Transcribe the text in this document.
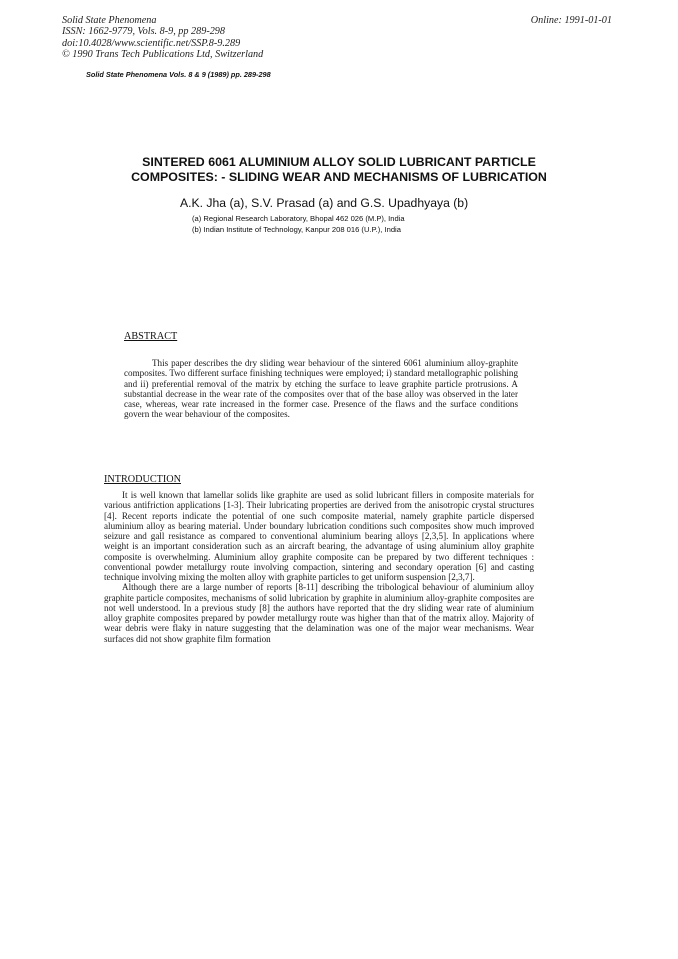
Solid State Phenomena
ISSN: 1662-9779, Vols. 8-9, pp 289-298
doi:10.4028/www.scientific.net/SSP.8-9.289
© 1990 Trans Tech Publications Ltd, Switzerland
Online: 1991-01-01
Solid State Phenomena Vols. 8 & 9 (1989) pp. 289-298
SINTERED 6061 ALUMINIUM ALLOY SOLID LUBRICANT PARTICLE
COMPOSITES: - SLIDING WEAR AND MECHANISMS OF LUBRICATION
A.K. Jha (a), S.V. Prasad (a) and G.S. Upadhyaya (b)
(a) Regional Research Laboratory, Bhopal 462 026 (M.P), India
(b) Indian Institute of Technology, Kanpur 208 016 (U.P.), India
ABSTRACT
This paper describes the dry sliding wear behaviour of the sintered 6061 aluminium alloy-graphite composites. Two different surface finishing techniques were employed; i) standard metallographic polishing and ii) preferential removal of the matrix by etching the surface to leave graphite particle protrusions. A substantial decrease in the wear rate of the composites over that of the base alloy was observed in the later case, whereas, wear rate increased in the former case. Presence of the flaws and the surface conditions govern the wear behaviour of the composites.
INTRODUCTION

It is well known that lamellar solids like graphite are used as solid lubricant fillers in composite materials for various antifriction applications [1-3]. Their lubricating properties are derived from the anisotropic crystal structures [4]. Recent reports indicate the potential of one such composite material, namely graphite particle dispersed aluminium alloy as bearing material. Under boundary lubrication conditions such composites show much improved seizure and gall resistance as compared to conventional aluminium bearing alloys [2,3,5]. In applications where weight is an important consideration such as an aircraft bearing, the advantage of using aluminium alloy graphite composite is overwhelming. Aluminium alloy graphite composite can be prepared by two different techniques : conventional powder metallurgy route involving compaction, sintering and secondary operation [6] and casting technique involving mixing the molten alloy with graphite particles to get uniform suspension [2,3,7].

Although there are a large number of reports [8-11] describing the tribological behaviour of aluminium alloy graphite particle composites, mechanisms of solid lubrication by graphite in aluminium alloy-graphite composites are not well understood. In a previous study [8] the authors have reported that the dry sliding wear rate of aluminium alloy graphite composites prepared by powder metallurgy route was higher than that of the matrix alloy. Majority of wear debris were flaky in nature suggesting that the delamination was one of the major wear mechanisms. Wear surfaces did not show graphite film formation
